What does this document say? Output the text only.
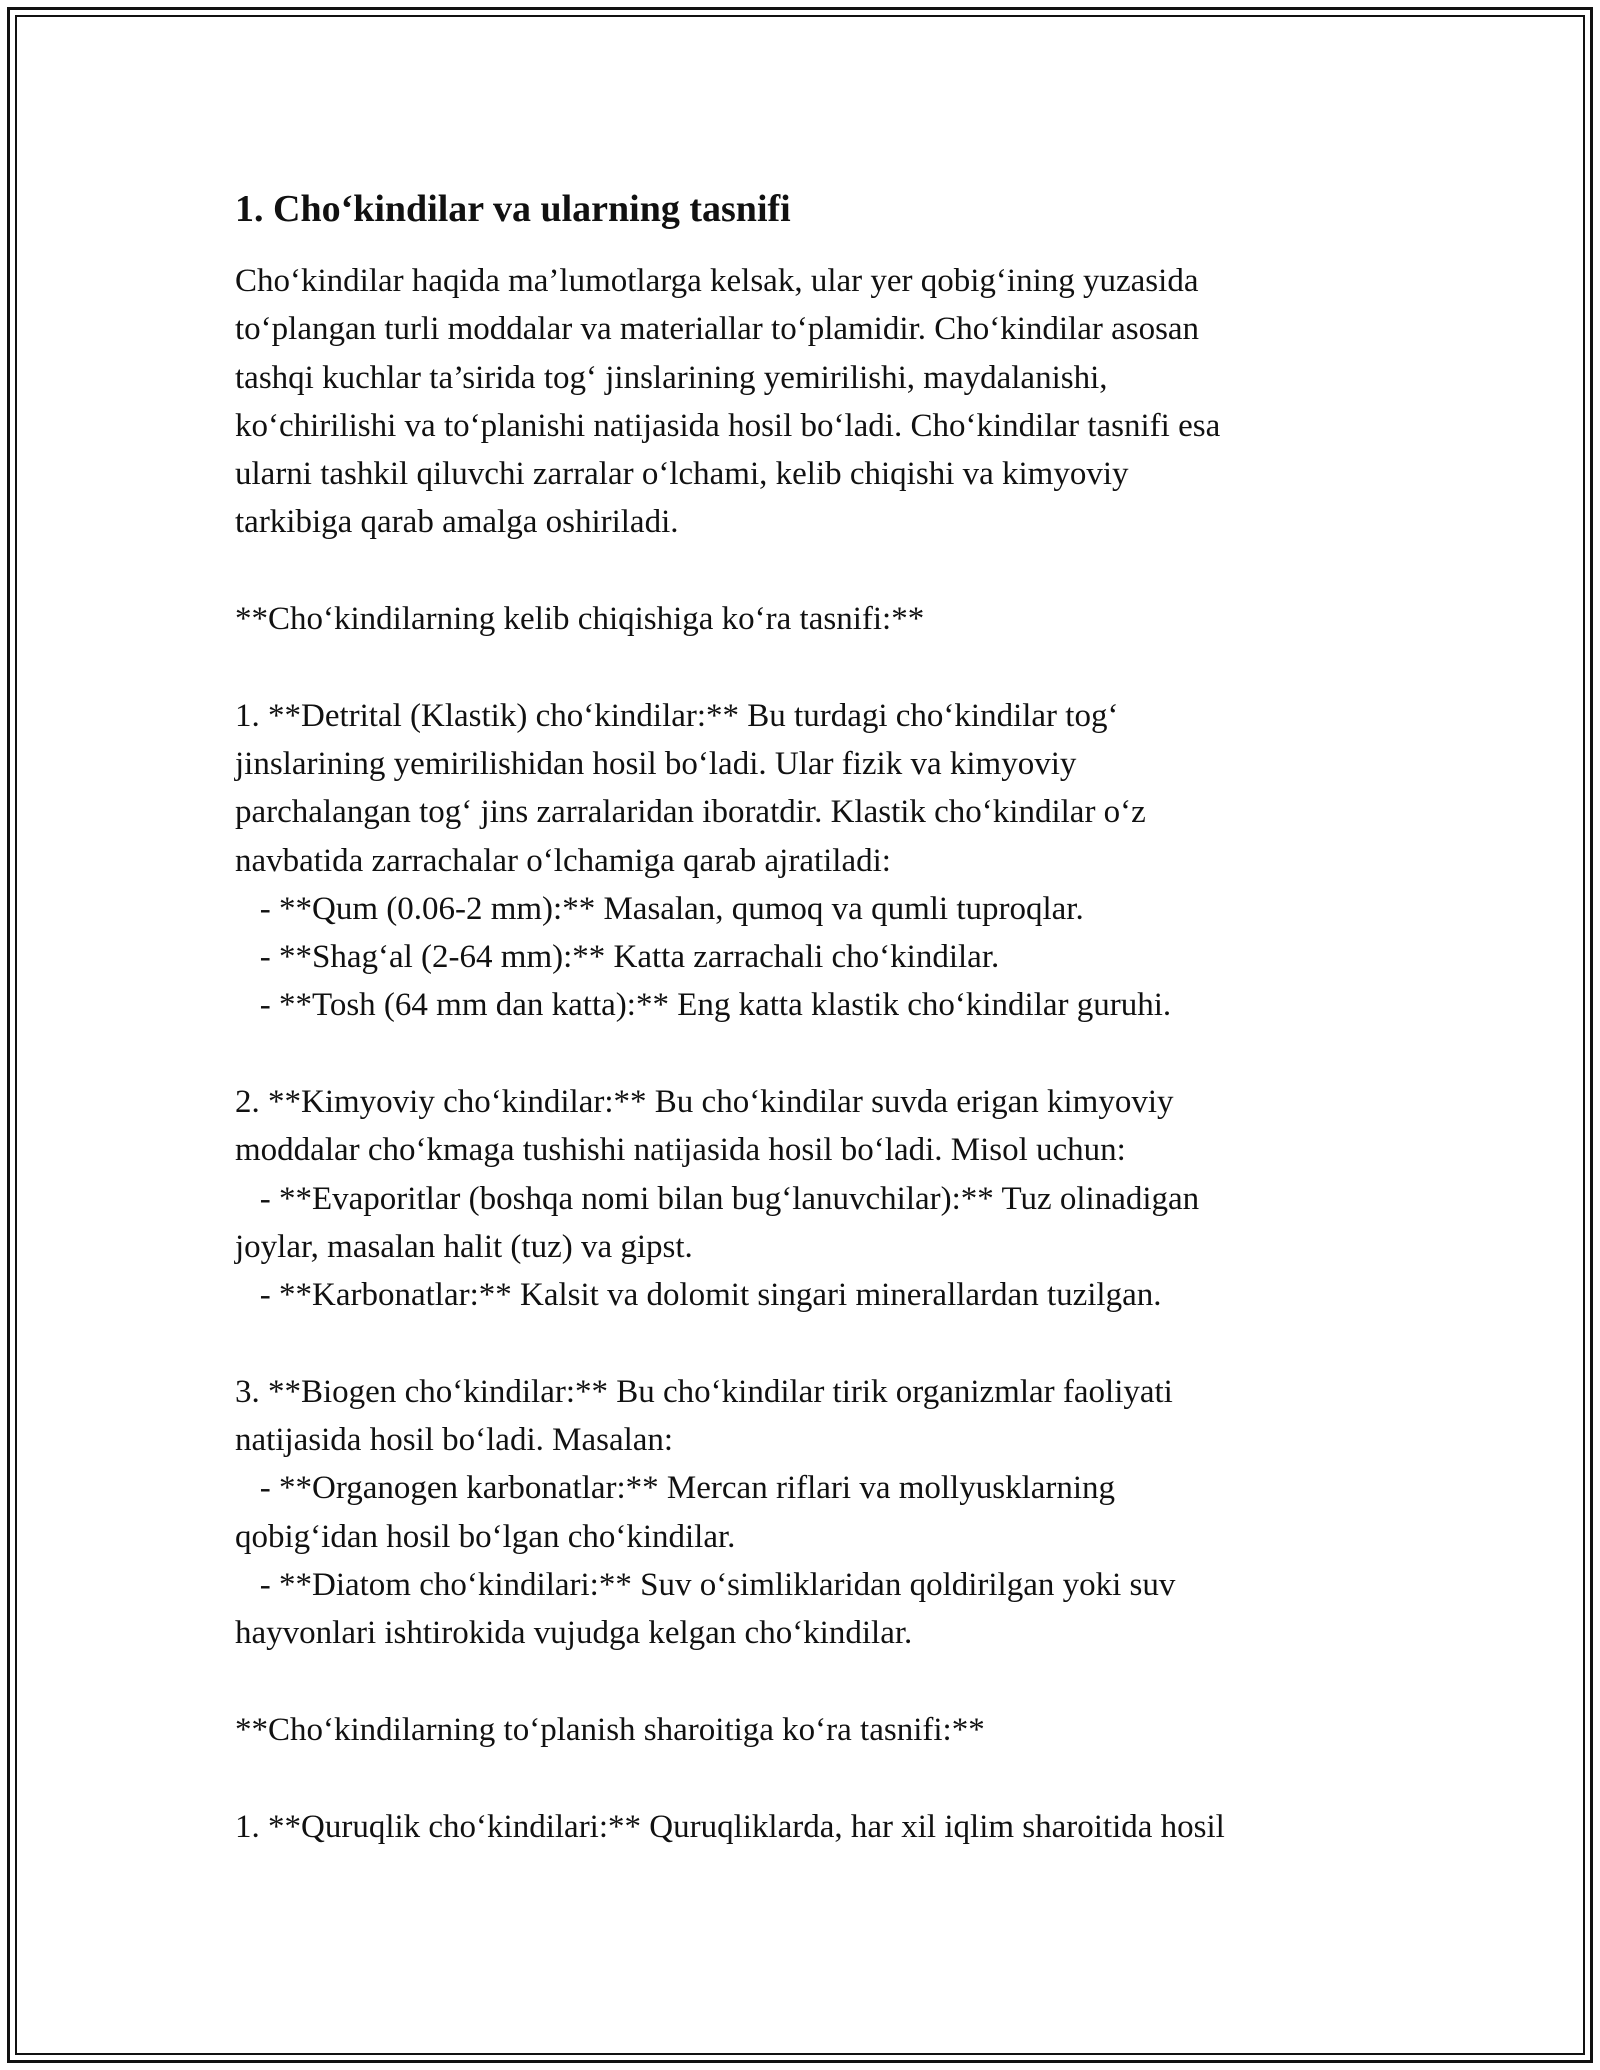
1. Cho‘kindilar va ularning tasnifi
Cho‘kindilar haqida ma’lumotlarga kelsak, ular yer qobig‘ining yuzasida
to‘plangan turli moddalar va materiallar to‘plamidir. Cho‘kindilar asosan
tashqi kuchlar ta’sirida tog‘ jinslarining yemirilishi, maydalanishi,
ko‘chirilishi va to‘planishi natijasida hosil bo‘ladi. Cho‘kindilar tasnifi esa
ularni tashkil qiluvchi zarralar o‘lchami, kelib chiqishi va kimyoviy
tarkibiga qarab amalga oshiriladi.
**Cho‘kindilarning kelib chiqishiga ko‘ra tasnifi:**
1. **Detrital (Klastik) cho‘kindilar:** Bu turdagi cho‘kindilar tog‘
jinslarining yemirilishidan hosil bo‘ladi. Ular fizik va kimyoviy
parchalangan tog‘ jins zarralaridan iboratdir. Klastik cho‘kindilar o‘z
navbatida zarrachalar o‘lchamiga qarab ajratiladi:
- **Qum (0.06-2 mm):** Masalan, qumoq va qumli tuproqlar.
- **Shag‘al (2-64 mm):** Katta zarrachali cho‘kindilar.
- **Tosh (64 mm dan katta):** Eng katta klastik cho‘kindilar guruhi.
2. **Kimyoviy cho‘kindilar:** Bu cho‘kindilar suvda erigan kimyoviy
moddalar cho‘kmaga tushishi natijasida hosil bo‘ladi. Misol uchun:
- **Evaporitlar (boshqa nomi bilan bug‘lanuvchilar):** Tuz olinadigan
joylar, masalan halit (tuz) va gipst.
- **Karbonatlar:** Kalsit va dolomit singari minerallardan tuzilgan.
3. **Biogen cho‘kindilar:** Bu cho‘kindilar tirik organizmlar faoliyati
natijasida hosil bo‘ladi. Masalan:
- **Organogen karbonatlar:** Mercan riflari va mollyusklarning
qobig‘idan hosil bo‘lgan cho‘kindilar.
- **Diatom cho‘kindilari:** Suv o‘simliklaridan qoldirilgan yoki suv
hayvonlari ishtirokida vujudga kelgan cho‘kindilar.
**Cho‘kindilarning to‘planish sharoitiga ko‘ra tasnifi:**
1. **Quruqlik cho‘kindilari:** Quruqliklarda, har xil iqlim sharoitida hosil
